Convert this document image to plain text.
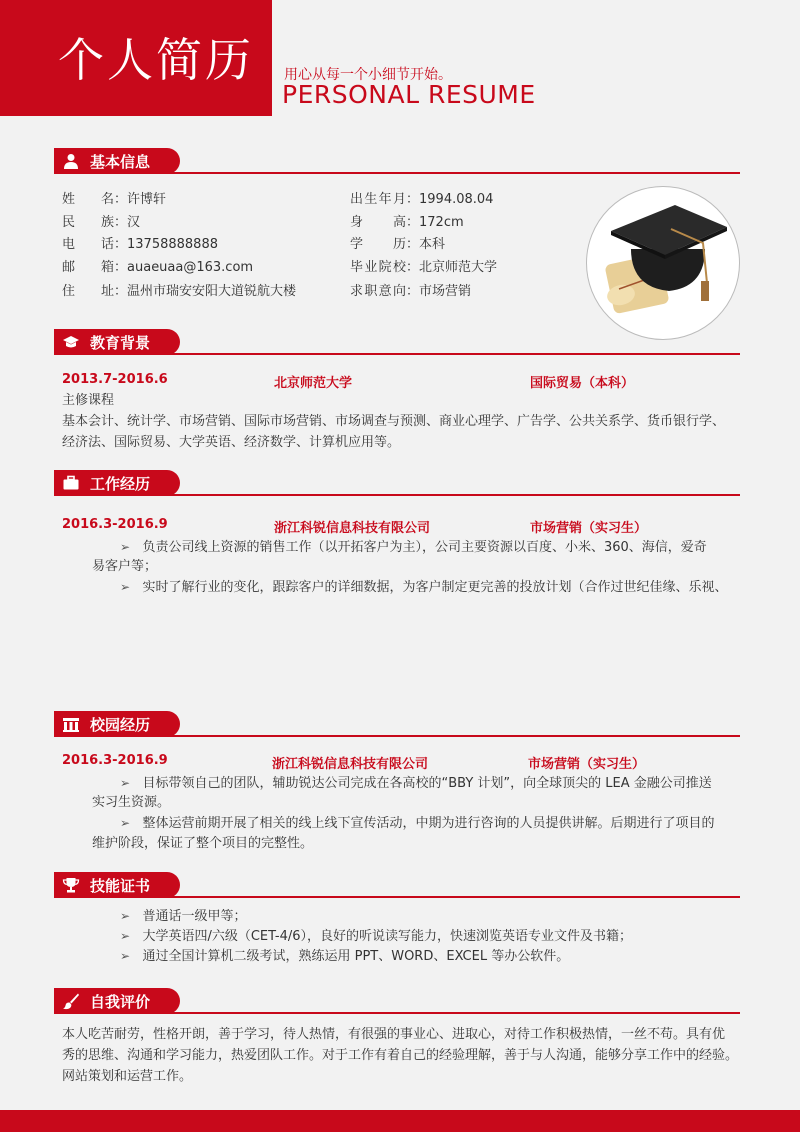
个人简历 用心从每一个小细节开始。
PERSONAL RESUME
基本信息
姓名：许博轩
民族：汉
电话：13758888888
邮箱：auaeuaa@163.com
住址：温州市瑞安安阳大道锐航大楼
出生年月：1994.08.04
身高：172cm
学历：本科
毕业院校：北京师范大学
求职意向：市场营销
教育背景
2013.7-2016.6	北京师范大学	国际贸易（本科）
主修课程
基本会计、统计学、市场营销、国际市场营销、市场调查与预测、商业心理学、广告学、公共关系学、货币银行学、
经济法、国际贸易、大学英语、经济数学、计算机应用等。
工作经历
2016.3-2016.9	浙江科锐信息科技有限公司	市场营销（实习生）
➢ 负责公司线上资源的销售工作（以开拓客户为主），公司主要资源以百度、小米、360、海信，爱奇
易客户等；
➢ 实时了解行业的变化，跟踪客户的详细数据，为客户制定更完善的投放计划（合作过世纪佳缘、乐视、
校园经历
2016.3-2016.9	浙江科锐信息科技有限公司	市场营销（实习生）
➢ 目标带领自己的团队，辅助锐达公司完成在各高校的“BBY 计划”，向全球顶尖的 LEA 金融公司推送
实习生资源。
➢ 整体运营前期开展了相关的线上线下宣传活动，中期为进行咨询的人员提供讲解。后期进行了项目的
维护阶段，保证了整个项目的完整性。
技能证书
➢ 普通话一级甲等；
➢ 大学英语四/六级（CET-4/6），良好的听说读写能力，快速浏览英语专业文件及书籍；
➢ 通过全国计算机二级考试，熟练运用 PPT、WORD、EXCEL 等办公软件。
自我评价
本人吃苦耐劳，性格开朗，善于学习，待人热情，有很强的事业心、进取心，对待工作积极热情，一丝不苟。具有优
秀的思维、沟通和学习能力，热爱团队工作。对于工作有着自己的经验理解，善于与人沟通，能够分享工作中的经验。
网站策划和运营工作。
